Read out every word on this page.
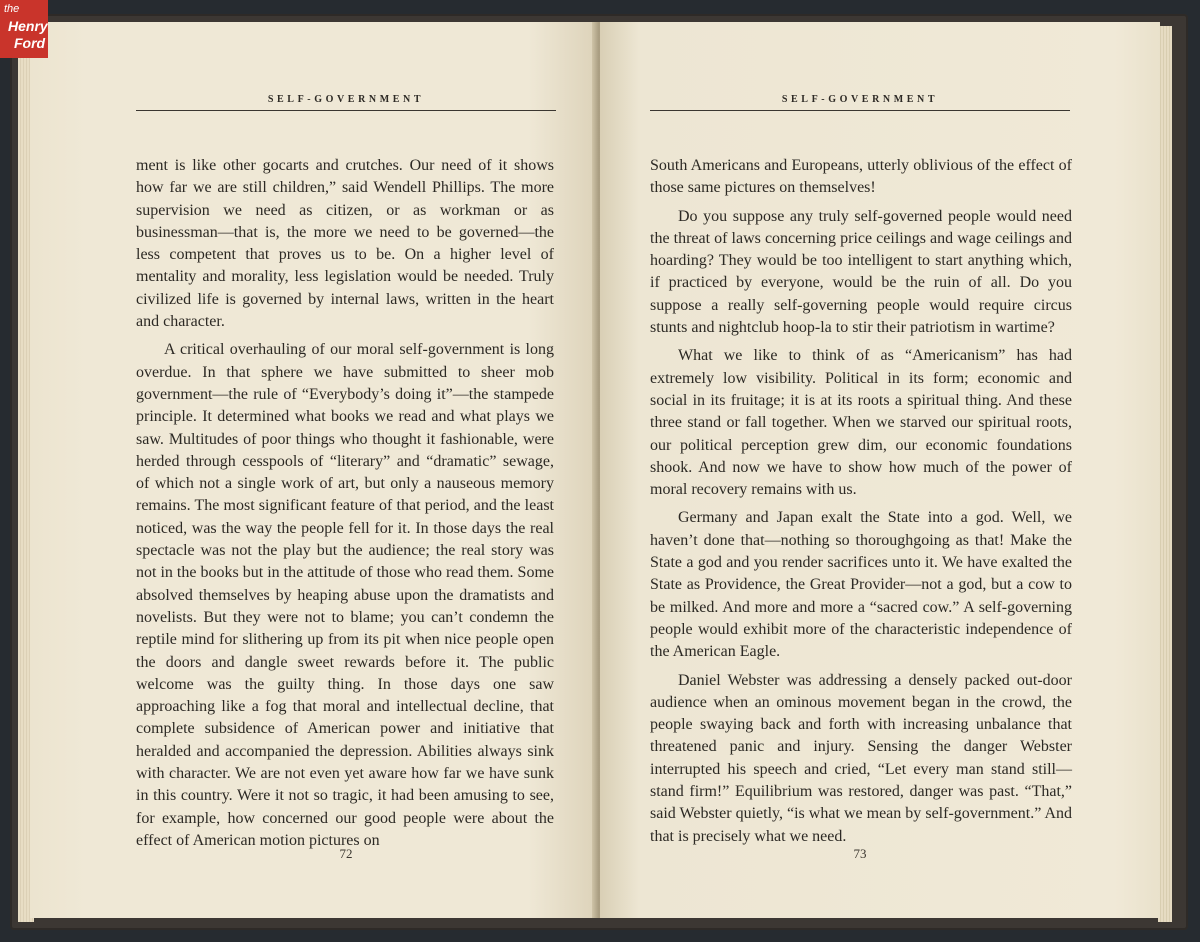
the
Henry
Ford
SELF-GOVERNMENT

ment is like other gocarts and crutches. Our need of it shows how far we are still children,” said Wendell Phillips. The more supervision we need as citizen, or as workman or as businessman—that is, the more we need to be governed—the less competent that proves us to be. On a higher level of mentality and morality, less legislation would be needed. Truly civilized life is governed by internal laws, written in the heart and character.

A critical overhauling of our moral self-government is long overdue. In that sphere we have submitted to sheer mob government—the rule of “Everybody’s doing it”—the stampede principle. It determined what books we read and what plays we saw. Multitudes of poor things who thought it fashionable, were herded through cesspools of “literary” and “dramatic” sewage, of which not a single work of art, but only a nauseous memory remains. The most significant feature of that period, and the least noticed, was the way the people fell for it. In those days the real spectacle was not the play but the audience; the real story was not in the books but in the attitude of those who read them. Some absolved themselves by heaping abuse upon the dramatists and novelists. But they were not to blame; you can’t condemn the reptile mind for slithering up from its pit when nice people open the doors and dangle sweet rewards before it. The public welcome was the guilty thing. In those days one saw approaching like a fog that moral and intellectual decline, that complete subsidence of American power and initiative that heralded and accompanied the depression. Abilities always sink with character. We are not even yet aware how far we have sunk in this country. Were it not so tragic, it had been amusing to see, for example, how concerned our good people were about the effect of American motion pictures on

72
SELF-GOVERNMENT

South Americans and Europeans, utterly oblivious of the effect of those same pictures on themselves!

Do you suppose any truly self-governed people would need the threat of laws concerning price ceilings and wage ceilings and hoarding? They would be too intelligent to start anything which, if practiced by everyone, would be the ruin of all. Do you suppose a really self-governing people would require circus stunts and nightclub hoop-la to stir their patriotism in wartime?

What we like to think of as “Americanism” has had extremely low visibility. Political in its form; economic and social in its fruitage; it is at its roots a spiritual thing. And these three stand or fall together. When we starved our spiritual roots, our political perception grew dim, our economic foundations shook. And now we have to show how much of the power of moral recovery remains with us.

Germany and Japan exalt the State into a god. Well, we haven’t done that—nothing so thoroughgoing as that! Make the State a god and you render sacrifices unto it. We have exalted the State as Providence, the Great Provider—not a god, but a cow to be milked. And more and more a “sacred cow.” A self-governing people would exhibit more of the characteristic independence of the American Eagle.

Daniel Webster was addressing a densely packed out-door audience when an ominous movement began in the crowd, the people swaying back and forth with increasing unbalance that threatened panic and injury. Sensing the danger Webster interrupted his speech and cried, “Let every man stand still—stand firm!” Equilibrium was restored, danger was past. “That,” said Webster quietly, “is what we mean by self-government.” And that is precisely what we need.

73
